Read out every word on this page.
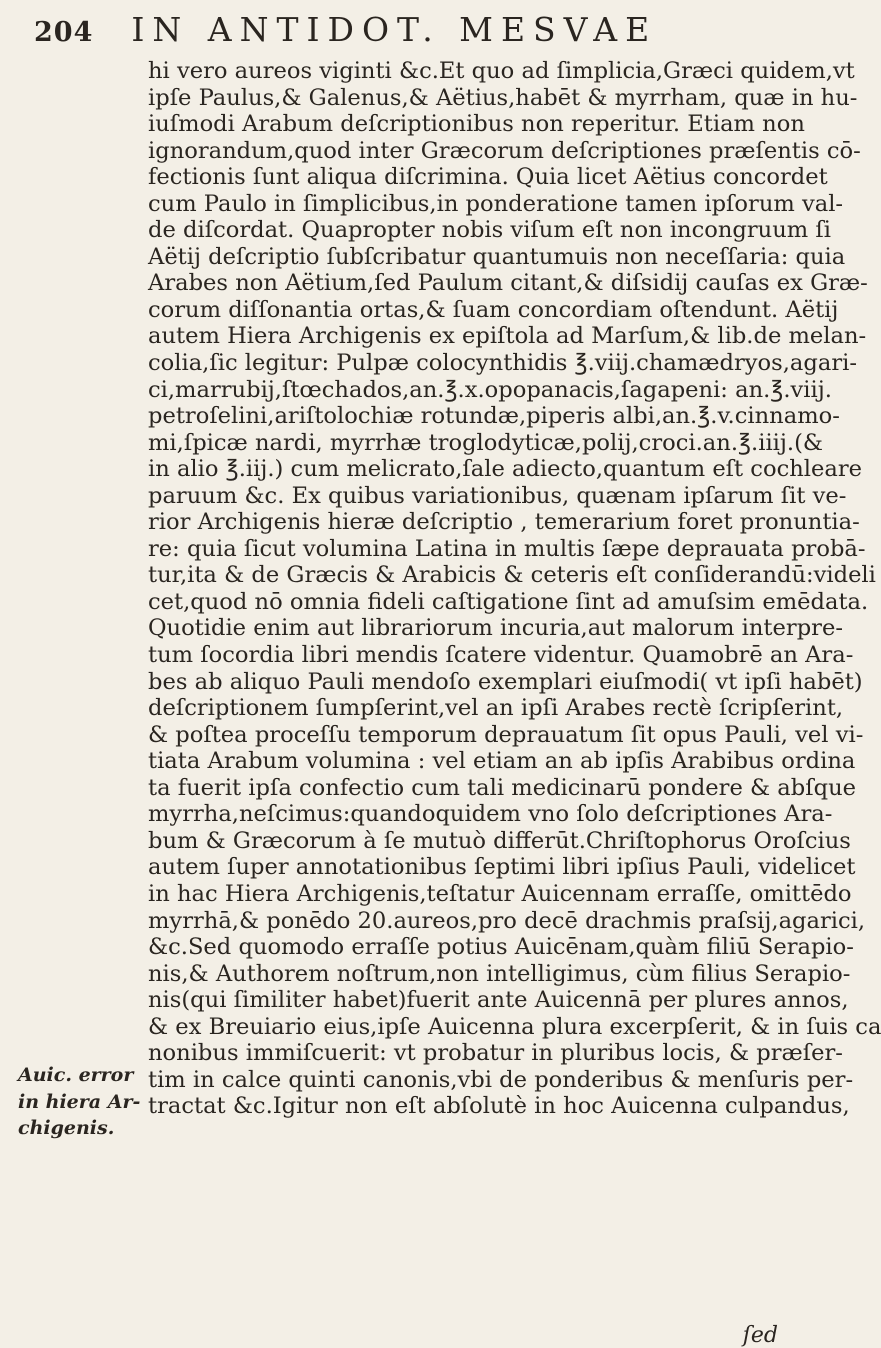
204 IN ANTIDOT. MESVAE
Auic. error
in hiera Ar-
chigenis.
hi vero aureos viginti &c.Et quo ad ſimplicia,Græci quidem,vt
ipſe Paulus,& Galenus,& Aëtius,habēt & myrrham, quæ in hu-
iuſmodi Arabum deſcriptionibus non reperitur. Etiam non
ignorandum,quod inter Græcorum deſcriptiones præſentis cō-
fectionis ſunt aliqua diſcrimina. Quia licet Aëtius concordet
cum Paulo in ſimplicibus,in ponderatione tamen ipſorum val-
de diſcordat. Quapropter nobis viſum eſt non incongruum ſi
Aëtij deſcriptio ſubſcribatur quantumuis non neceſſaria: quia
Arabes non Aëtium,ſed Paulum citant,& diſsidij cauſas ex Græ-
corum diſſonantia ortas,& ſuam concordiam oſtendunt. Aëtij
autem Hiera Archigenis ex epiſtola ad Marſum,& lib.de melan-
colia,ſic legitur: Pulpæ colocynthidis ℥.viij.chamædryos,agari-
ci,marrubij,ſtœchados,an.℥.x.opopanacis,ſagapeni: an.℥.viij.
petroſelini,ariſtolochiæ rotundæ,piperis albi,an.℥.v.cinnamo-
mi,ſpicæ nardi, myrrhæ troglodyticæ,polij,croci.an.℥.iiij.(&
in alio ℥.iij.) cum melicrato,ſale adiecto,quantum eſt cochleare
paruum &c. Ex quibus variationibus, quænam ipſarum ſit ve-
rior Archigenis hieræ deſcriptio , temerarium foret pronuntia-
re: quia ſicut volumina Latina in multis ſæpe deprauata probā-
tur,ita & de Græcis & Arabicis & ceteris eſt conſiderandū:videli
cet,quod nō omnia fideli caſtigatione ſint ad amuſsim emēdata.
Quotidie enim aut librariorum incuria,aut malorum interpre-
tum ſocordia libri mendis ſcatere videntur. Quamobrē an Ara-
bes ab aliquo Pauli mendoſo exemplari eiuſmodi( vt ipſi habēt)
deſcriptionem ſumpſerint,vel an ipſi Arabes rectè ſcripſerint,
& poſtea proceſſu temporum deprauatum ſit opus Pauli, vel vi-
tiata Arabum volumina : vel etiam an ab ipſis Arabibus ordina
ta fuerit ipſa confectio cum tali medicinarū pondere & abſque
myrrha,neſcimus:quandoquidem vno ſolo deſcriptiones Ara-
bum & Græcorum à ſe mutuò differūt.Chriſtophorus Oroſcius
autem ſuper annotationibus ſeptimi libri ipſius Pauli, videlicet
in hac Hiera Archigenis,teſtatur Auicennam erraſſe, omittēdo
myrrhā,& ponēdo 20.aureos,pro decē drachmis praſsij,agarici,
&c.Sed quomodo erraſſe potius Auicēnam,quàm filiū Serapio-
nis,& Authorem noſtrum,non intelligimus, cùm filius Serapio-
nis(qui ſimiliter habet)fuerit ante Auicennā per plures annos,
& ex Breuiario eius,ipſe Auicenna plura excerpſerit, & in ſuis ca
nonibus immiſcuerit: vt probatur in pluribus locis, & præſer-
tim in calce quinti canonis,vbi de ponderibus & menſuris per-
tractat &c.Igitur non eſt abſolutè in hoc Auicenna culpandus,
ſed
